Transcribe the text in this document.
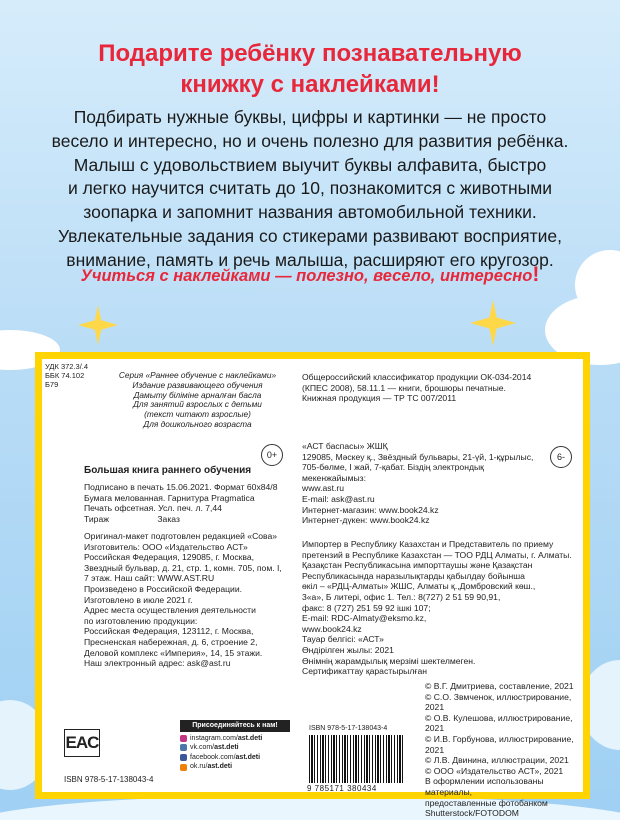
Подарите ребёнку познавательную
книжку с наклейками!
Подбирать нужные буквы, цифры и картинки — не просто
весело и интересно, но и очень полезно для развития ребёнка.
Малыш с удовольствием выучит буквы алфавита, быстро
и легко научится считать до 10, познакомится с животными
зоопарка и запомнит названия автомобильной техники.
Увлекательные задания со стикерами развивают восприятие,
внимание, память и речь малыша, расширяют его кругозор.
Учиться с наклейками — полезно, весело, интересно!
УДК 372.3/.4
ББК 74.102
Б79
Серия «Раннее обучение с наклейками»
Издание развивающего обучения
Дамыту біліміне арналған басла
Для занятий взрослых с детьми
(текст читают взрослые)
Для дошкольного возраста
Общероссийский классификатор продукции ОК-034-2014
(КПЕС 2008), 58.11.1 — книги, брошюры печатные.
Книжная продукция — ТР ТС 007/2011
0+	6-
Большая книга раннего обучения
Подписано в печать 15.06.2021. Формат 60x84/8
Бумага мелованная. Гарнитура Pragmatica
Печать офсетная. Усл. печ. л. 7,44
Тираж Заказ
Оригинал-макет подготовлен редакцией «Сова»
Изготовитель: ООО «Издательство АСТ»
Российская Федерация, 129085, г. Москва,
Звездный бульвар, д. 21, стр. 1, комн. 705, пом. I,
7 этаж. Наш сайт: WWW.AST.RU
Произведено в Российской Федерации.
Изготовлено в июле 2021 г.
Адрес места осуществления деятельности
по изготовлению продукции:
Российская Федерация, 123112, г. Москва,
Пресненская набережная, д. 6, строение 2,
Деловой комплекс «Империя», 14, 15 этажи.
Наш электронный адрес: ask@ast.ru
«АСТ баспасы» ЖШҚ
129085, Мәскеу қ., Звёздный бульвары, 21-үй, 1-құрылыс,
705-бөлме, I жай, 7-қабат. Біздің электрондық мекенжайымыз:
www.ast.ru
E-mail: ask@ast.ru
Интернет-магазин: www.book24.kz
Интернет-дүкен: www.book24.kz
Импортер в Республику Казахстан и Представитель по приему
претензий в Республике Казахстан — ТОО РДЦ Алматы, г. Алматы.
Қазақстан Республикасына импорттаушы және Қазақстан
Республикасында наразылықтарды қабылдау бойынша
өкіл – «РДЦ-Алматы» ЖШС, Алматы қ.,Домбровский көш.,
3«а», Б литері, офис 1. Тел.: 8(727) 2 51 59 90,91,
факс: 8 (727) 251 59 92 ішкі 107;
E-mail: RDC-Almaty@eksmo.kz,
www.book24.kz
Тауар белгісі: «АСТ»
Өндірілген жылы: 2021
Өнімнің жарамдылық мерзімі шектелмеген.
Сертификаттау қарастырылған
© В.Г. Дмитриева, составление, 2021
© С.О. Звмченок, иллюстрирование, 2021
© О.В. Кулешова, иллюстрирование, 2021
© И.В. Горбунова, иллюстрирование, 2021
© Л.В. Двинина, иллюстрации, 2021
© ООО «Издательство АСТ», 2021
В оформлении использованы материалы,
предоставленные фотобанком
Shutterstock/FOTODOM
EAC
ISBN 978-5-17-138043-4
Присоединяйтесь к нам!
instagram.com/ ast.deti
vk.com/ ast.deti
facebook.com/ ast.deti
ok.ru/ ast.deti
ISBN 978-5-17-138043-4
9 785171 380434
